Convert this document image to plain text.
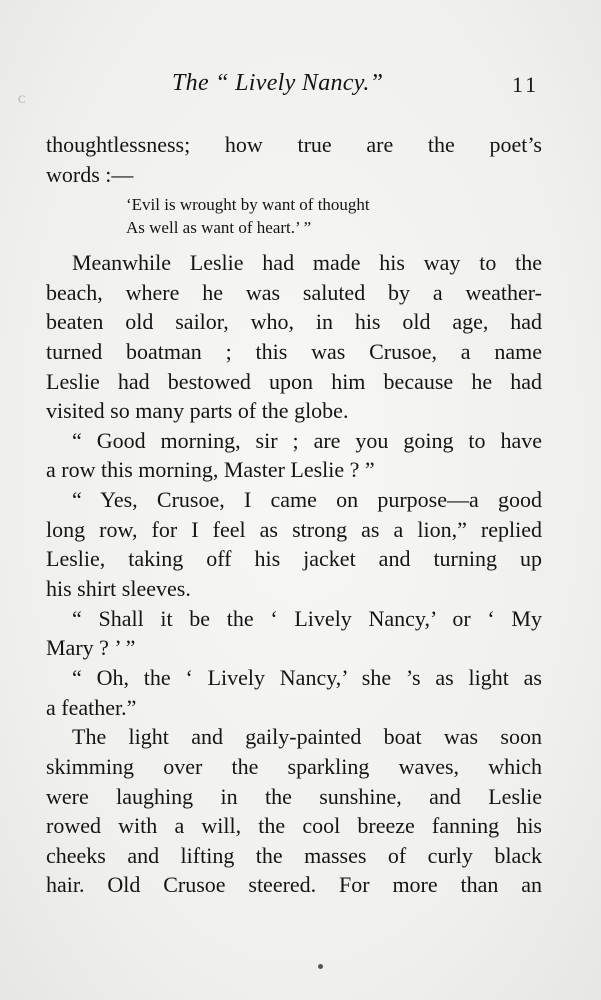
ᴄ
The “ Lively Nancy.”	11
thoughtlessness; how true are the poet’s
words :—
‘Evil is wrought by want of thought
As well as want of heart.’ ”
Meanwhile Leslie had made his way to the
beach, where he was saluted by a weather-
beaten old sailor, who, in his old age, had
turned boatman ; this was Crusoe, a name
Leslie had bestowed upon him because he had
visited so many parts of the globe.
“ Good morning, sir ; are you going to have
a row this morning, Master Leslie ? ”
“ Yes, Crusoe, I came on purpose—a good
long row, for I feel as strong as a lion,” replied
Leslie, taking off his jacket and turning up
his shirt sleeves.
“ Shall it be the ‘ Lively Nancy,’ or ‘ My
Mary ? ’ ”
“ Oh, the ‘ Lively Nancy,’ she ’s as light as
a feather.”
The light and gaily-painted boat was soon
skimming over the sparkling waves, which
were laughing in the sunshine, and Leslie
rowed with a will, the cool breeze fanning his
cheeks and lifting the masses of curly black
hair. Old Crusoe steered. For more than an
